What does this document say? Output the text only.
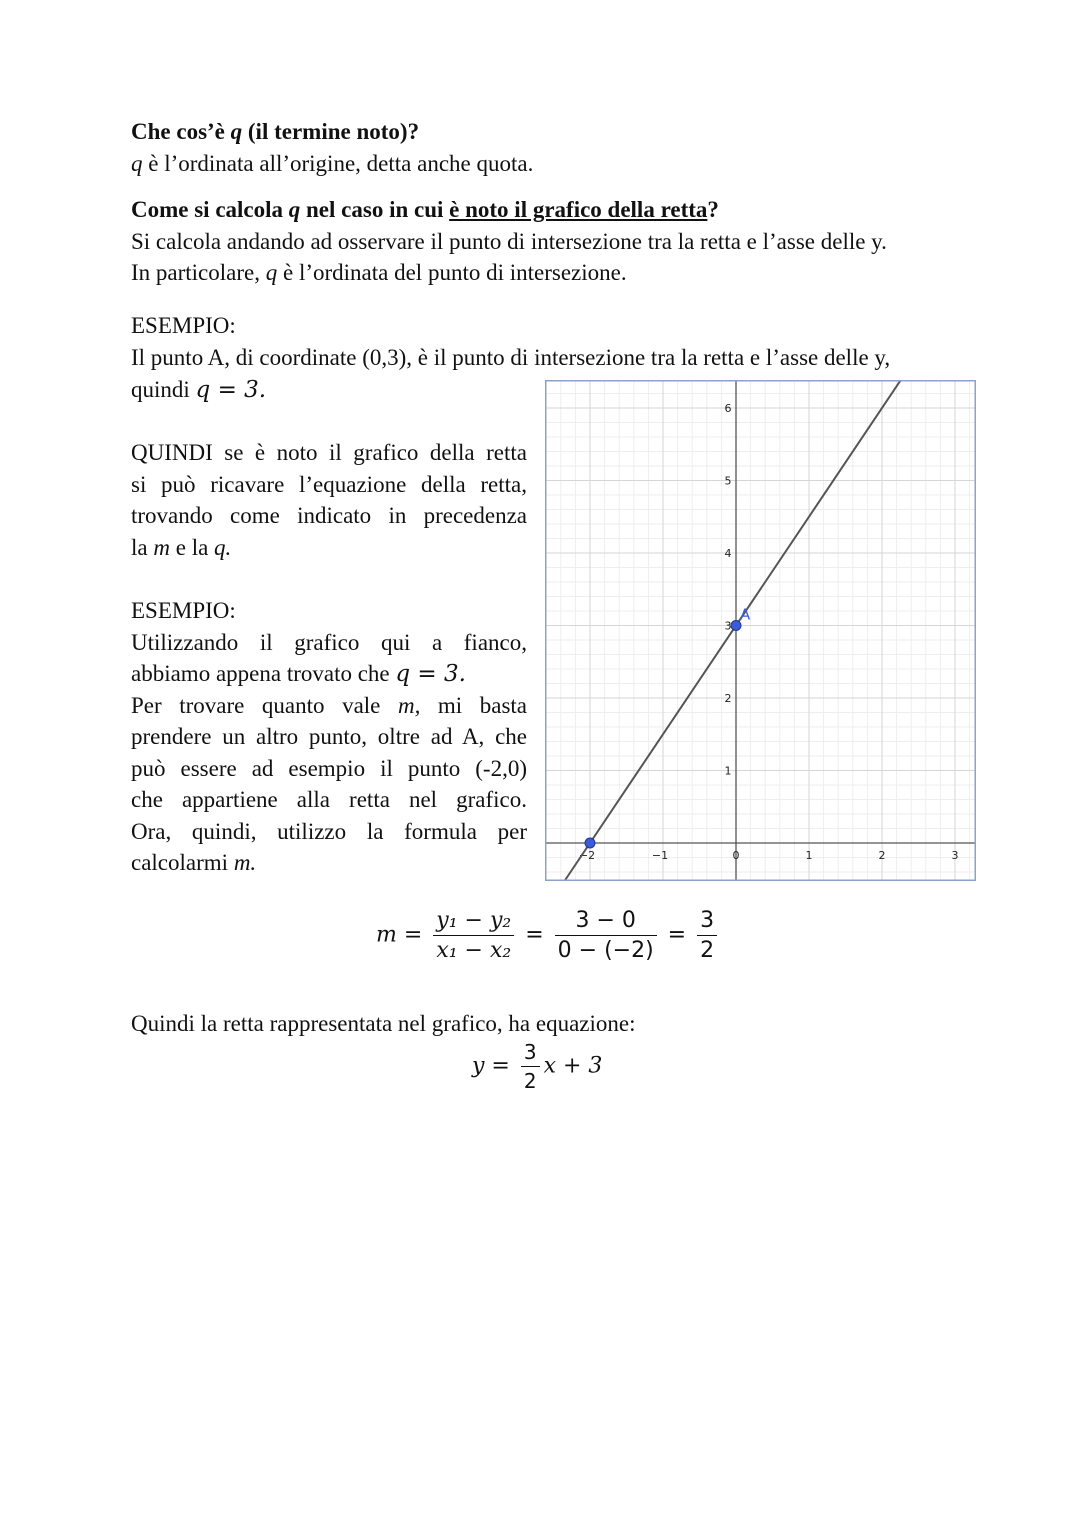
Che cos’è q (il termine noto)?
q è l’ordinata all’origine, detta anche quota.
Come si calcola q nel caso in cui è noto il grafico della retta?
Si calcola andando ad osservare il punto di intersezione tra la retta e l’asse delle y.
In particolare, q è l’ordinata del punto di intersezione.
ESEMPIO:
Il punto A, di coordinate (0,3), è il punto di intersezione tra la retta e l’asse delle y,
quindi q = 3.
QUINDI se è noto il grafico della retta
si può ricavare l’equazione della retta,
trovando come indicato in precedenza
la m e la q.
ESEMPIO:
Utilizzando il grafico qui a fianco,
abbiamo appena trovato che q = 3.
Per trovare quanto vale m, mi basta
prendere un altro punto, oltre ad A, che
può essere ad esempio il punto (-2,0)
che appartiene alla retta nel grafico.
Ora, quindi, utilizzo la formula per
calcolarmi m.	−2	−1	0	1	2	3
1
2
3
4
5
6
A
$m = \frac{\text{y₁ − y₂}}{\text{x₁ − x₂}} = \frac{3 - 0}{0 - (-2)} = \frac{3}{2}$
Quindi la retta rappresentata nel grafico, ha equazione:
$y = \frac{3}{2}$ x + 3
